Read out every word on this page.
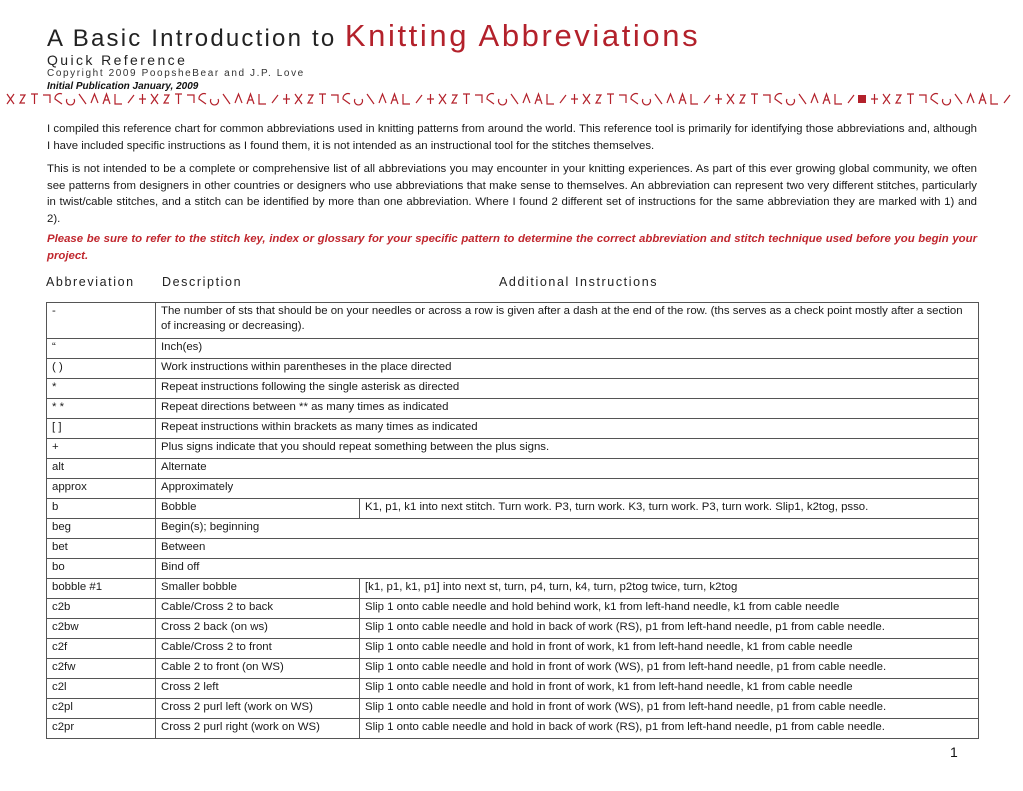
A Basic Introduction to Knitting Abbreviations
Quick Reference
Copyright 2009 PoopsheBear and J.P. Love
Initial Publication January, 2009
I compiled this reference chart for common abbreviations used in knitting patterns from around the world. This reference tool is primarily for identifying those abbreviations and, although I have included specific instructions as I found them, it is not intended as an instructional tool for the stitches themselves.
This is not intended to be a complete or comprehensive list of all abbreviations you may encounter in your knitting experiences. As part of this ever growing global community, we often see patterns from designers in other countries or designers who use abbreviations that make sense to themselves. An abbreviation can represent two very different stitches, particularly in twist/cable stitches, and a stitch can be identified by more than one abbreviation. Where I found 2 different set of instructions for the same abbreviation they are marked with 1) and 2).
Please be sure to refer to the stitch key, index or glossary for your specific pattern to determine the correct abbreviation and stitch technique used before you begin your project.
Abbreviation Description	Additional Instructions
-	The number of sts that should be on your needles or across a row is given after a dash at the end of the row. (ths serves as a check point mostly after a section of increasing or decreasing).	
“	Inch(es)	
( )	Work instructions within parentheses in the place directed	
*	Repeat instructions following the single asterisk as directed	
* *	Repeat directions between ** as many times as indicated	
[ ]	Repeat instructions within brackets as many times as indicated	
+	Plus signs indicate that you should repeat something between the plus signs.	
alt	Alternate	
approx	Approximately	
b	Bobble	K1, p1, k1 into next stitch. Turn work. P3, turn work. K3, turn work. P3, turn work. Slip1, k2tog, psso.
beg	Begin(s); beginning	
bet	Between	
bo	Bind off	
bobble #1	Smaller bobble	[k1, p1, k1, p1] into next st, turn, p4, turn, k4, turn, p2tog twice, turn, k2tog
c2b	Cable/Cross 2 to back	Slip 1 onto cable needle and hold behind work, k1 from left-hand needle, k1 from cable needle
c2bw	Cross 2 back (on ws)	Slip 1 onto cable needle and hold in back of work (RS), p1 from left-hand needle, p1 from cable needle.
c2f	Cable/Cross 2 to front	Slip 1 onto cable needle and hold in front of work, k1 from left-hand needle, k1 from cable needle
c2fw	Cable 2 to front (on WS)	Slip 1 onto cable needle and hold in front of work (WS), p1 from left-hand needle, p1 from cable needle.
c2l	Cross 2 left	Slip 1 onto cable needle and hold in front of work, k1 from left-hand needle, k1 from cable needle
c2pl	Cross 2 purl left (work on WS)	Slip 1 onto cable needle and hold in front of work (WS), p1 from left-hand needle, p1 from cable needle.
c2pr	Cross 2 purl right (work on WS)	Slip 1 onto cable needle and hold in back of work (RS), p1 from left-hand needle, p1 from cable needle.
1
